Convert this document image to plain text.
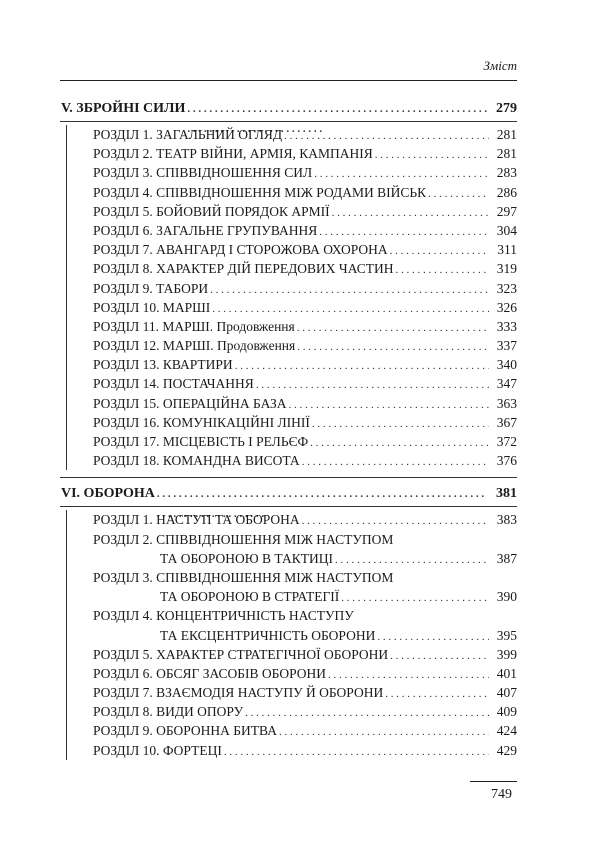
Зміст
V. ЗБРОЙНІ СИЛИ . . .	279
РОЗДІЛ 1. ЗАГАЛЬНИЙ ОГЛЯД . . .	281
РОЗДІЛ 2. ТЕАТР ВІЙНИ, АРМІЯ, КАМПАНІЯ . . .	281
РОЗДІЛ 3. СПІВВІДНОШЕННЯ СИЛ . . .	283
РОЗДІЛ 4. СПІВВІДНОШЕННЯ МІЖ РОДАМИ ВІЙСЬК . . .	286
РОЗДІЛ 5. БОЙОВИЙ ПОРЯДОК АРМІЇ . . .	297
РОЗДІЛ 6. ЗАГАЛЬНЕ ГРУПУВАННЯ . . .	304
РОЗДІЛ 7. АВАНГАРД І СТОРОЖОВА ОХОРОНА . . .	311
РОЗДІЛ 8. ХАРАКТЕР ДІЙ ПЕРЕДОВИХ ЧАСТИН . . .	319
РОЗДІЛ 9. ТАБОРИ . . .	323
РОЗДІЛ 10. МАРШІ . . .	326
РОЗДІЛ 11. МАРШІ. Продовження . . .	333
РОЗДІЛ 12. МАРШІ. Продовження . . .	337
РОЗДІЛ 13. КВАРТИРИ . . .	340
РОЗДІЛ 14. ПОСТАЧАННЯ . . .	347
РОЗДІЛ 15. ОПЕРАЦІЙНА БАЗА . . .	363
РОЗДІЛ 16. КОМУНІКАЦІЙНІ ЛІНІЇ . . .	367
РОЗДІЛ 17. МІСЦЕВІСТЬ І РЕЛЬЄФ . . .	372
РОЗДІЛ 18. КОМАНДНА ВИСОТА . . .	376
VI. ОБОРОНА . . .	381
РОЗДІЛ 1. НАСТУП ТА ОБОРОНА . . .	383
РОЗДІЛ 2. СПІВВІДНОШЕННЯ МІЖ НАСТУПОМ
ТА ОБОРОНОЮ В ТАКТИЦІ . . .	387
РОЗДІЛ 3. СПІВВІДНОШЕННЯ МІЖ НАСТУПОМ
ТА ОБОРОНОЮ В СТРАТЕГІЇ . . .	390
РОЗДІЛ 4. КОНЦЕНТРИЧНІСТЬ НАСТУПУ
ТА ЕКСЦЕНТРИЧНІСТЬ ОБОРОНИ . . .	395
РОЗДІЛ 5. ХАРАКТЕР СТРАТЕГІЧНОЇ ОБОРОНИ . . .	399
РОЗДІЛ 6. ОБСЯГ ЗАСОБІВ ОБОРОНИ . . .	401
РОЗДІЛ 7. ВЗАЄМОДІЯ НАСТУПУ Й ОБОРОНИ . . .	407
РОЗДІЛ 8. ВИДИ ОПОРУ . . .	409
РОЗДІЛ 9. ОБОРОННА БИТВА . . .	424
РОЗДІЛ 10. ФОРТЕЦІ . . .	429
749
